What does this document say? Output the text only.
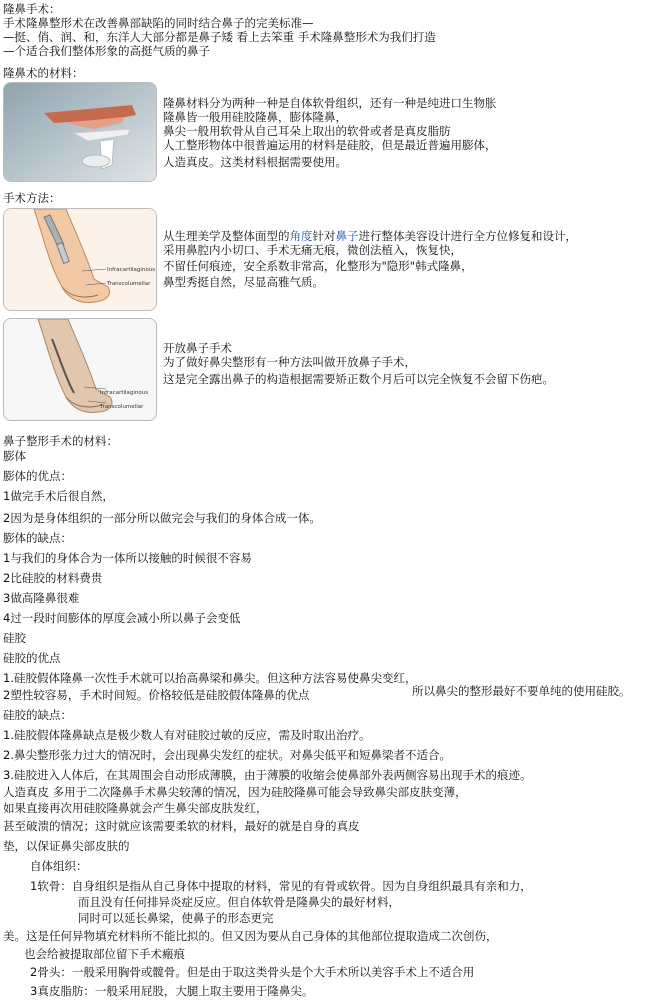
隆鼻手术：
手术隆鼻整形术在改善鼻部缺陷的同时结合鼻子的完美标准—
—挺、俏、润、和，东洋人大部分都是鼻子矮 看上去笨重 手术隆鼻整形术为我们打造
—个适合我们整体形象的高挺气质的鼻子
隆鼻术的材料：
隆鼻材料分为两种一种是自体软骨组织，还有一种是纯进口生物胀
隆鼻皆一般用硅胶隆鼻，膨体隆鼻，
鼻尖一般用软骨从自己耳朵上取出的软骨或者是真皮脂肪
人工整形物体中很普遍运用的材料是硅胶，但是最近普遍用膨体，
人造真皮。这类材料根据需要使用。
手术方法：
Infracartilaginous
Transcolumellar
从生理美学及整体面型的角度针对鼻子进行整体美容设计进行全方位修复和设计，
采用鼻腔内小切口、手术无痛无痕，微创法植入，恢复快，
不留任何痕迹，安全系数非常高，化整形为"隐形"韩式隆鼻，
鼻型秀挺自然，尽显高雅气质。
Infracartilaginous
Transcolumellar
开放鼻子手术
为了做好鼻尖整形有一种方法叫做开放鼻子手术，
这是完全露出鼻子的构造根据需要矫正数个月后可以完全恢复不会留下伤疤。
鼻子整形手术的材料：
膨体
膨体的优点：
1做完手术后很自然，
2因为是身体组织的一部分所以做完会与我们的身体合成一体。
膨体的缺点：
1与我们的身体合为一体所以接触的时候很不容易
2比硅胶的材料费贵
3做高隆鼻很难
4过一段时间膨体的厚度会减小所以鼻子会变低
硅胶
硅胶的优点
1.硅胶假体隆鼻一次性手术就可以抬高鼻梁和鼻尖。但这种方法容易使鼻尖变红，
2塑性较容易，手术时间短。价格较低是硅胶假体隆鼻的优点	所以鼻尖的整形最好不要单纯的使用硅胶。
硅胶的缺点：
1.硅胶假体隆鼻缺点是极少数人有对硅胶过敏的反应，需及时取出治疗。
2.鼻尖整形张力过大的情况时，会出现鼻尖发红的症状。对鼻尖低平和短鼻梁者不适合。
3.硅胶进入人体后，在其周围会自动形成薄膜，由于薄膜的收缩会使鼻部外表两侧容易出现手术的痕迹。
人造真皮 多用于二次隆鼻手术鼻尖较薄的情况，因为硅胶隆鼻可能会导致鼻尖部皮肤变薄，
如果直接再次用硅胶隆鼻就会产生鼻尖部皮肤发红，
甚至破溃的情况；这时就应该需要柔软的材料，最好的就是自身的真皮
垫，以保证鼻尖部皮肤的
自体组织：
1软骨：自身组织是指从自己身体中提取的材料，常见的有骨或软骨。因为自身组织最具有亲和力，
而且没有任何排异炎症反应。但自体软骨是隆鼻尖的最好材料，
同时可以延长鼻梁，使鼻子的形态更完
美。这是任何异物填充材料所不能比拟的。但又因为要从自己身体的其他部位提取造成二次创伤，
也会给被提取部位留下手术瘢痕
2骨头：一般采用胸骨或髋骨。但是由于取这类骨头是个大手术所以美容手术上不适合用
3真皮脂肪：一般采用屁股，大腿上取主要用于隆鼻尖。
